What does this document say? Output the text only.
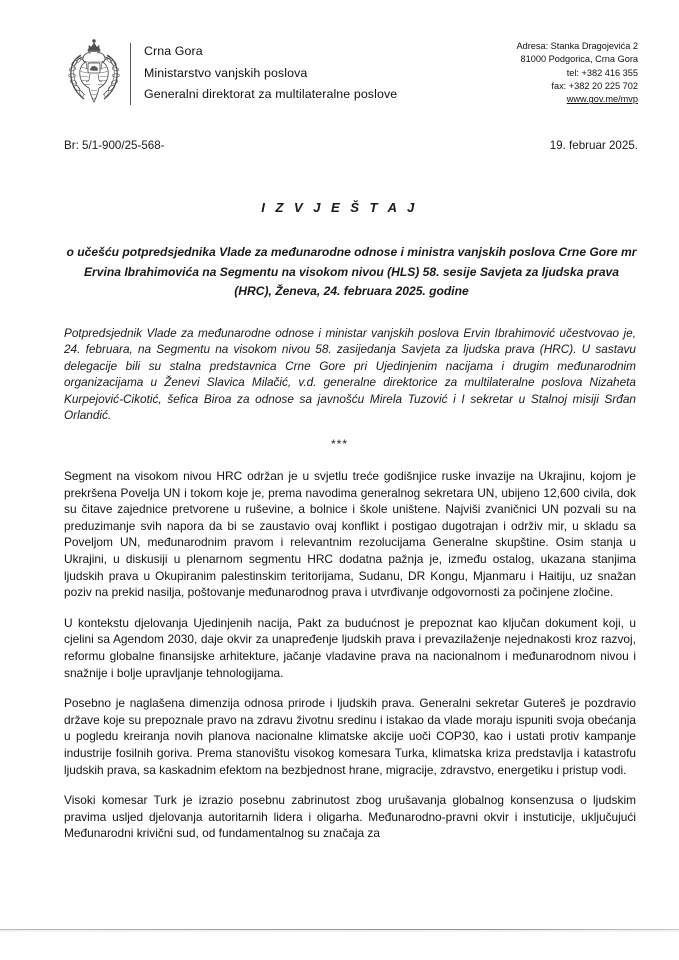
Crna Gora
Ministarstvo vanjskih poslova
Generalni direktorat za multilateralne poslove
Adresa: Stanka Dragojevića 2
81000 Podgorica, Crna Gora
tel: +382 416 355
fax: +382 20 225 702
www.gov.me/mvp
Br: 5/1-900/25-568-	19. februar 2025.
I Z V J E Š T A J
o učešću potpredsjednika Vlade za međunarodne odnose i ministra vanjskih poslova Crne Gore mr Ervina Ibrahimovića na Segmentu na visokom nivou (HLS) 58. sesije Savjeta za ljudska prava (HRC), Ženeva, 24. februara 2025. godine
Potpredsjednik Vlade za međunarodne odnose i ministar vanjskih poslova Ervin Ibrahimović učestvovao je, 24. februara, na Segmentu na visokom nivou 58. zasijedanja Savjeta za ljudska prava (HRC). U sastavu delegacije bili su stalna predstavnica Crne Gore pri Ujedinjenim nacijama i drugim međunarodnim organizacijama u Ženevi Slavica Milačić, v.d. generalne direktorice za multilateralne poslova Nizaheta Kurpejović-Cikotić, šefica Biroa za odnose sa javnošću Mirela Tuzović i I sekretar u Stalnoj misiji Srđan Orlandić.
***

Segment na visokom nivou HRC održan je u svjetlu treće godišnjice ruske invazije na Ukrajinu, kojom je prekršena Povelja UN i tokom koje je, prema navodima generalnog sekretara UN, ubijeno 12,600 civila, dok su čitave zajednice pretvorene u ruševine, a bolnice i škole uništene. Najviši zvaničnici UN pozvali su na preduzimanje svih napora da bi se zaustavio ovaj konflikt i postigao dugotrajan i održiv mir, u skladu sa Poveljom UN, međunarodnim pravom i relevantnim rezolucijama Generalne skupštine. Osim stanja u Ukrajini, u diskusiji u plenarnom segmentu HRC dodatna pažnja je, između ostalog, ukazana stanjima ljudskih prava u Okupiranim palestinskim teritorijama, Sudanu, DR Kongu, Mjanmaru i Haitiju, uz snažan poziv na prekid nasilja, poštovanje međunarodnog prava i utvrđivanje odgovornosti za počinjene zločine.

U kontekstu djelovanja Ujedinjenih nacija, Pakt za budućnost je prepoznat kao ključan dokument koji, u cjelini sa Agendom 2030, daje okvir za unapređenje ljudskih prava i prevazilaženje nejednakosti kroz razvoj, reformu globalne finansijske arhitekture, jačanje vladavine prava na nacionalnom i međunarodnom nivou i snažnije i bolje upravljanje tehnologijama.

Posebno je naglašena dimenzija odnosa prirode i ljudskih prava. Generalni sekretar Gutereš je pozdravio države koje su prepoznale pravo na zdravu životnu sredinu i istakao da vlade moraju ispuniti svoja obećanja u pogledu kreiranja novih planova nacionalne klimatske akcije uoči COP30, kao i ustati protiv kampanje industrije fosilnih goriva. Prema stanovištu visokog komesara Turka, klimatska kriza predstavlja i katastrofu ljudskih prava, sa kaskadnim efektom na bezbjednost hrane, migracije, zdravstvo, energetiku i pristup vodi.

Visoki komesar Turk je izrazio posebnu zabrinutost zbog urušavanja globalnog konsenzusa o ljudskim pravima usljed djelovanja autoritarnih lidera i oligarha. Međunarodno-pravni okvir i instuticije, uključujući Međunarodni krivični sud, od fundamentalnog su značaja za
